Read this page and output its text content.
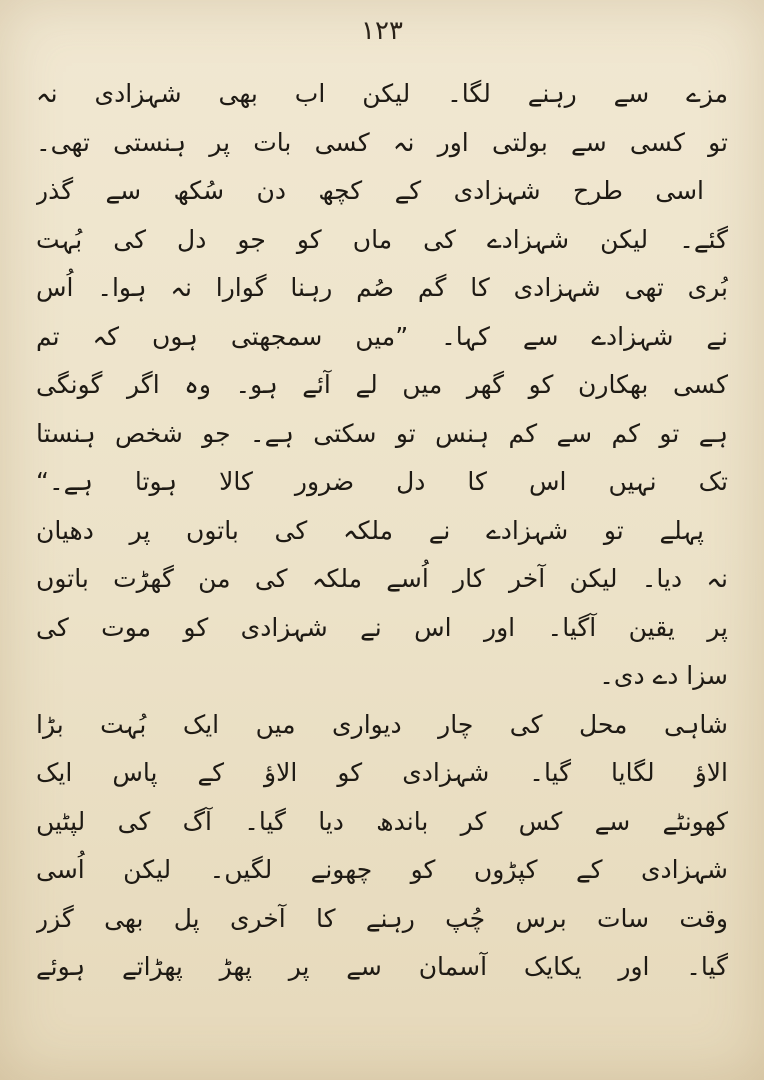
۱۲۳
مزے سے رہنے لگا۔ لیکن اب بھی شہزادی نہ
تو کسی سے بولتی اور نہ کسی بات پر ہنستی تھی۔
اسی طرح شہزادی کے کچھ دن سُکھ سے گذر
گئے۔ لیکن شہزادے کی ماں کو جو دل کی بُہت
بُری تھی شہزادی کا گم صُم رہنا گوارا نہ ہوا۔ اُس
نے شہزادے سے کہا۔ ”میں سمجھتی ہوں کہ تم
کسی بھکارن کو گھر میں لے آئے ہو۔ وہ اگر گونگی
ہے تو کم سے کم ہنس تو سکتی ہے۔ جو شخص ہنستا
تک نہیں اس کا دل ضرور کالا ہوتا ہے۔“
پہلے تو شہزادے نے ملکہ کی باتوں پر دھیان
نہ دیا۔ لیکن آخر کار اُسے ملکہ کی من گھڑت باتوں
پر یقین آگیا۔ اور اس نے شہزادی کو موت کی
سزا دے دی۔
شاہی محل کی چار دیواری میں ایک بُہت بڑا
الاؤ لگایا گیا۔ شہزادی کو الاؤ کے پاس ایک
کھونٹے سے کس کر باندھ دیا گیا۔ آگ کی لپٹیں
شہزادی کے کپڑوں کو چھونے لگیں۔ لیکن اُسی
وقت سات برس چُپ رہنے کا آخری پل بھی گزر
گیا۔ اور یکایک آسمان سے پر پھڑ پھڑاتے ہوئے
